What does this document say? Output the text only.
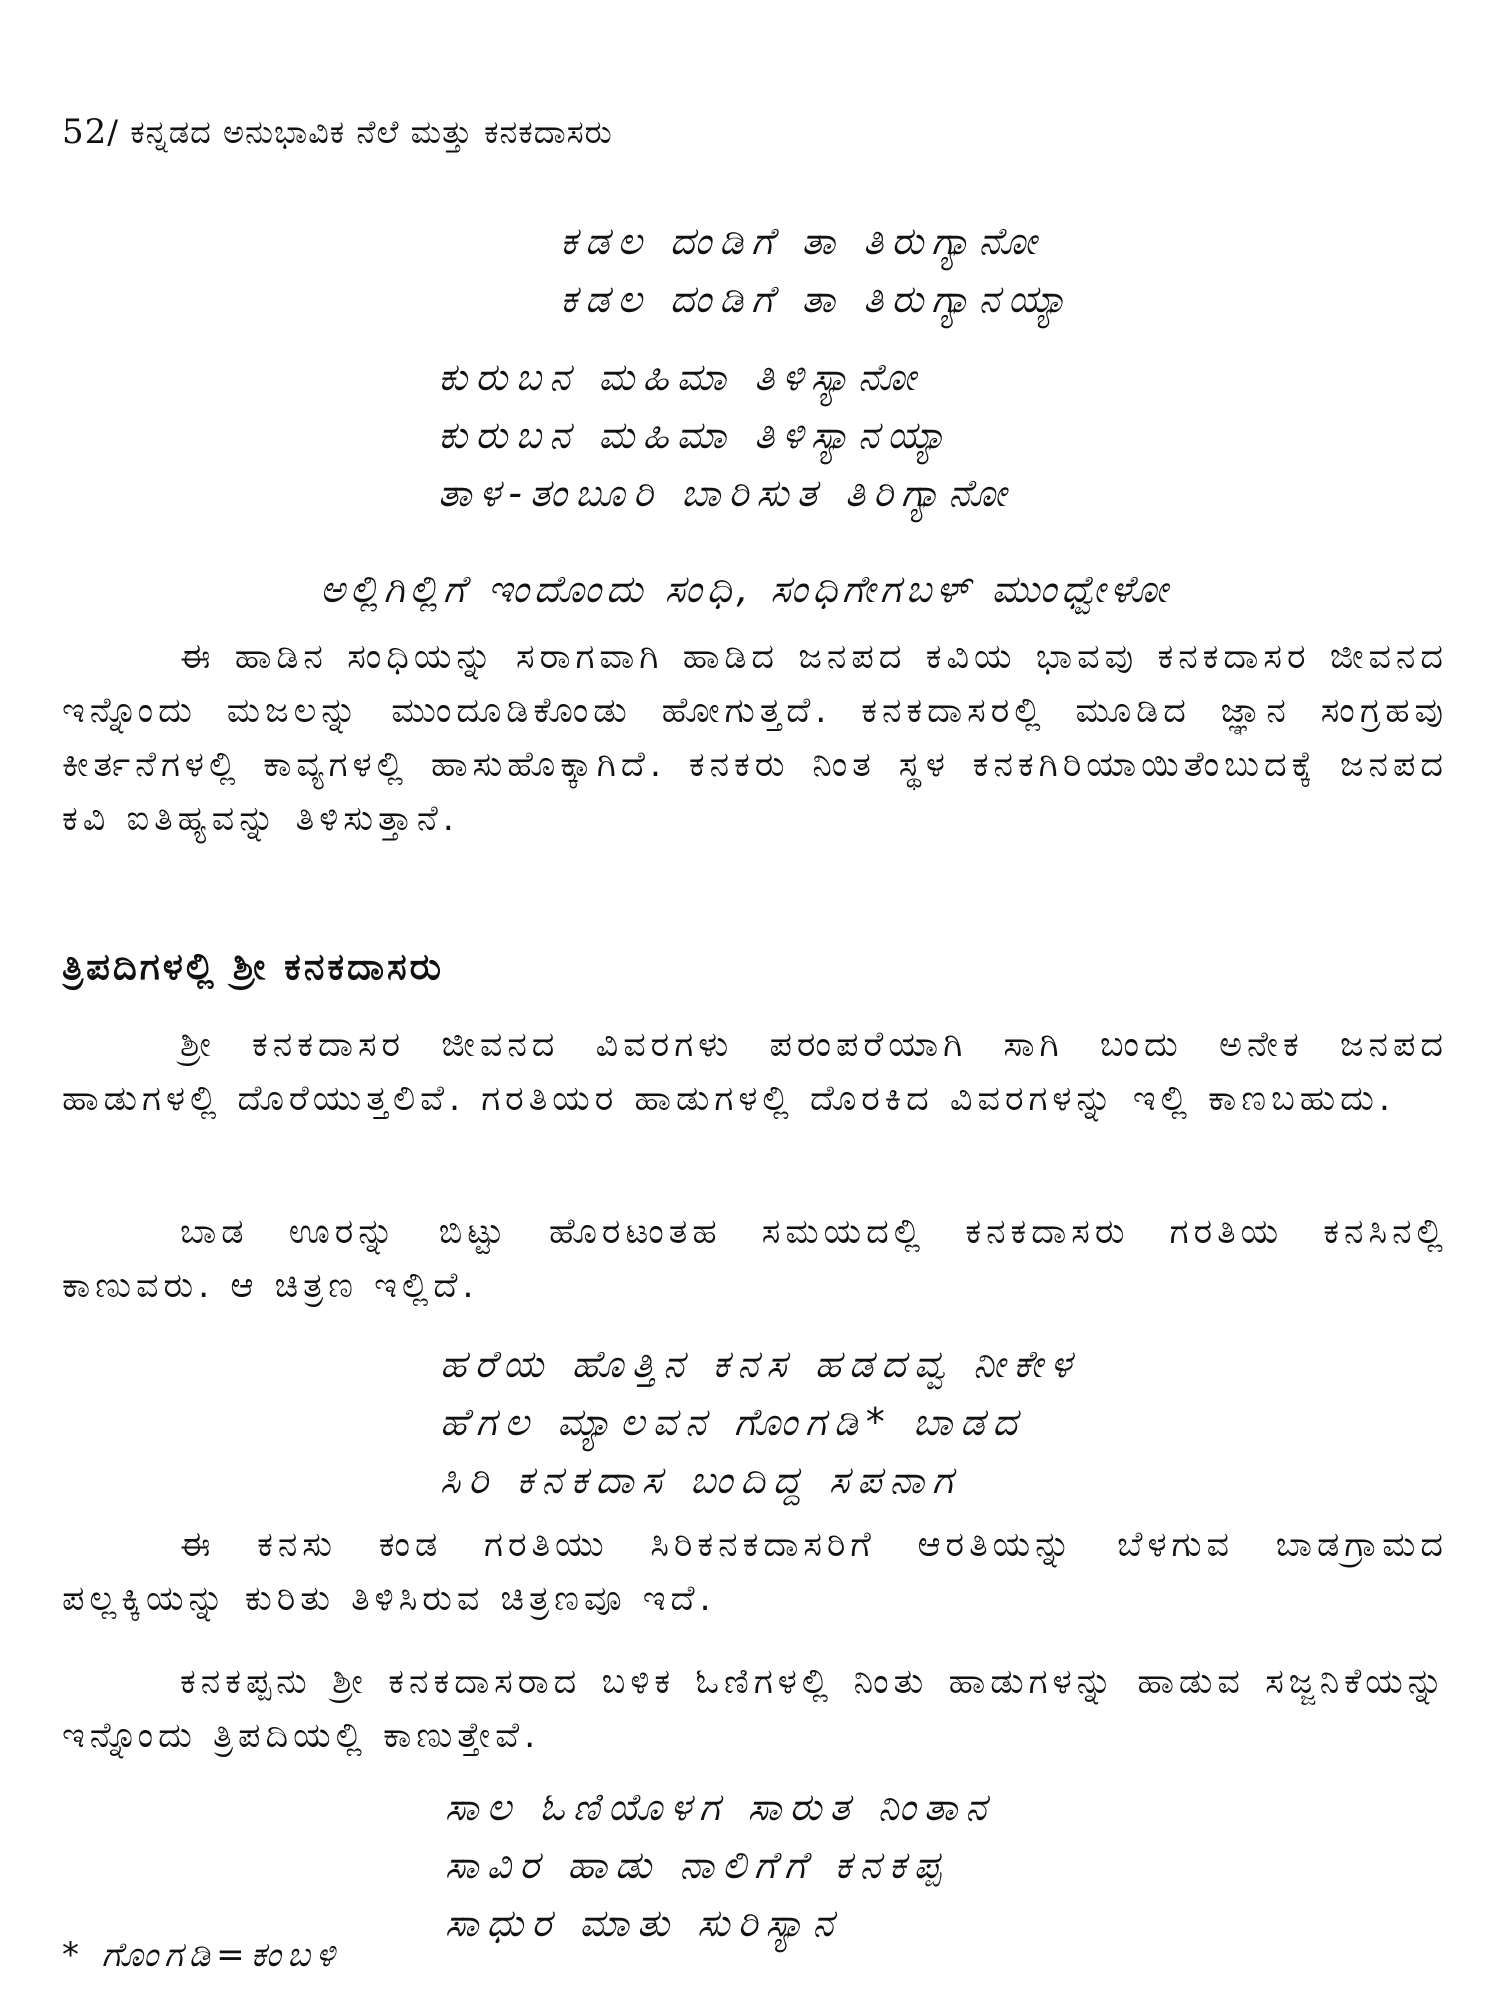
52/ ಕನ್ನಡದ ಅನುಭಾವಿಕ ನೆಲೆ ಮತ್ತು ಕನಕದಾಸರು
ಕಡಲ ದಂಡಿಗೆ ತಾ ತಿರುಗ್ಯಾನೋ
ಕಡಲ ದಂಡಿಗೆ ತಾ ತಿರುಗ್ಯಾನಯ್ಯಾ
ಕುರುಬನ ಮಹಿಮಾ ತಿಳಿಸ್ಯಾನೋ
ಕುರುಬನ ಮಹಿಮಾ ತಿಳಿಸ್ಯಾನಯ್ಯಾ
ತಾಳ-ತಂಬೂರಿ ಬಾರಿಸುತ ತಿರಿಗ್ಯಾನೋ
ಅಲ್ಲಿಗಿಲ್ಲಿಗೆ ಇಂದೊಂದು ಸಂಧಿ, ಸಂಧಿಗೇಗಬಳ್ ಮುಂಧ್ವೇಳೋ
ಈ ಹಾಡಿನ ಸಂಧಿಯನ್ನು ಸರಾಗವಾಗಿ ಹಾಡಿದ ಜನಪದ ಕವಿಯ ಭಾವವು ಕನಕದಾಸರ ಜೀವನದ ಇನ್ನೊಂದು ಮಜಲನ್ನು ಮುಂದೂಡಿಕೊಂಡು ಹೋಗುತ್ತದೆ. ಕನಕದಾಸರಲ್ಲಿ ಮೂಡಿದ ಜ್ಞಾನ ಸಂಗ್ರಹವು ಕೀರ್ತನೆಗಳಲ್ಲಿ ಕಾವ್ಯಗಳಲ್ಲಿ ಹಾಸುಹೊಕ್ಕಾಗಿದೆ. ಕನಕರು ನಿಂತ ಸ್ಥಳ ಕನಕಗಿರಿಯಾಯಿತೆಂಬುದಕ್ಕೆ ಜನಪದ ಕವಿ ಐತಿಹ್ಯವನ್ನು ತಿಳಿಸುತ್ತಾನೆ.
ತ್ರಿಪದಿಗಳಲ್ಲಿ ಶ್ರೀ ಕನಕದಾಸರು
ಶ್ರೀ ಕನಕದಾಸರ ಜೀವನದ ವಿವರಗಳು ಪರಂಪರೆಯಾಗಿ ಸಾಗಿ ಬಂದು ಅನೇಕ ಜನಪದ ಹಾಡುಗಳಲ್ಲಿ ದೊರೆಯುತ್ತಲಿವೆ. ಗರತಿಯರ ಹಾಡುಗಳಲ್ಲಿ ದೊರಕಿದ ವಿವರಗಳನ್ನು ಇಲ್ಲಿ ಕಾಣಬಹುದು.
ಬಾಡ ಊರನ್ನು ಬಿಟ್ಟು ಹೊರಟಂತಹ ಸಮಯದಲ್ಲಿ ಕನಕದಾಸರು ಗರತಿಯ ಕನಸಿನಲ್ಲಿ ಕಾಣುವರು. ಆ ಚಿತ್ರಣ ಇಲ್ಲಿದೆ.
ಹರೆಯ ಹೊತ್ತಿನ ಕನಸ ಹಡದವ್ವ ನೀಕೇಳ
ಹೆಗಲ ಮ್ಯಾಲವನ ಗೊಂಗಡಿ* ಬಾಡದ
ಸಿರಿ ಕನಕದಾಸ ಬಂದಿದ್ದ ಸಪನಾಗ
ಈ ಕನಸು ಕಂಡ ಗರತಿಯು ಸಿರಿಕನಕದಾಸರಿಗೆ ಆರತಿಯನ್ನು ಬೆಳಗುವ ಬಾಡಗ್ರಾಮದ ಪಲ್ಲಕ್ಕಿಯನ್ನು ಕುರಿತು ತಿಳಿಸಿರುವ ಚಿತ್ರಣವೂ ಇದೆ.
ಕನಕಪ್ಪನು ಶ್ರೀ ಕನಕದಾಸರಾದ ಬಳಿಕ ಓಣಿಗಳಲ್ಲಿ ನಿಂತು ಹಾಡುಗಳನ್ನು ಹಾಡುವ ಸಜ್ಜನಿಕೆಯನ್ನು ಇನ್ನೊಂದು ತ್ರಿಪದಿಯಲ್ಲಿ ಕಾಣುತ್ತೇವೆ.
ಸಾಲ ಓಣಿಯೊಳಗ ಸಾರುತ ನಿಂತಾನ
ಸಾವಿರ ಹಾಡು ನಾಲಿಗೆಗೆ ಕನಕಪ್ಪ
ಸಾಧುರ ಮಾತು ಸುರಿಸ್ಯಾನ
* ಗೊಂಗಡಿ=ಕಂಬಳಿ
